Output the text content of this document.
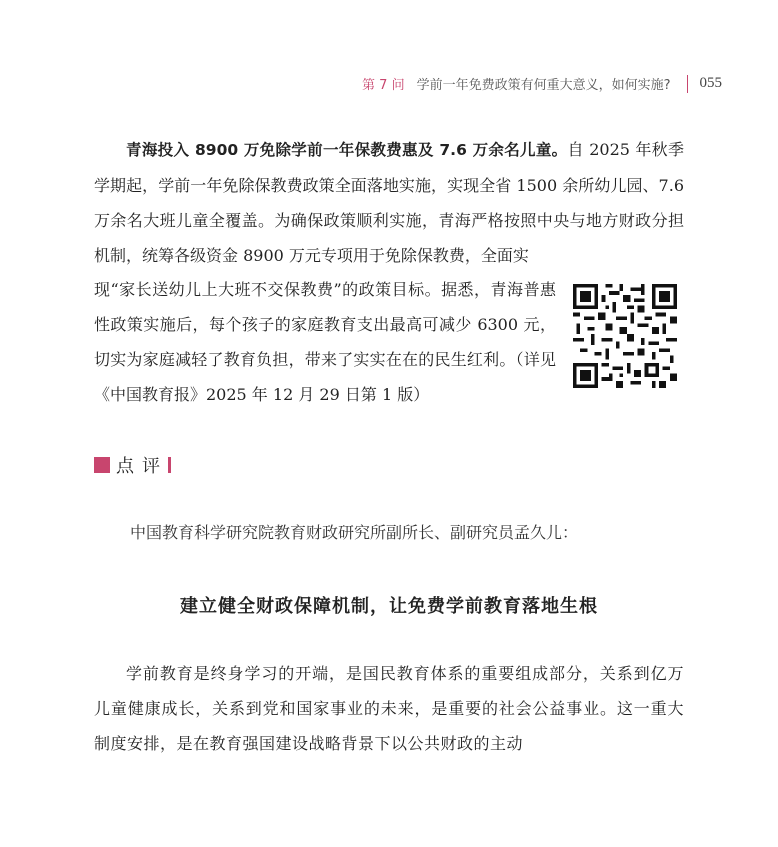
第 7 问 学前一年免费政策有何重大意义，如何实施? 055

青海投入 8900 万免除学前一年保教费惠及 7.6 万余名儿童。自 2025 年秋季学期起，学前一年免除保教费政策全面落地实施，实现全省 1500 余所幼儿园、7.6 万余名大班儿童全覆盖。为确保政策顺利实施，青海严格按照中央与地方财政分担机制，统筹各级资金 8900 万元专项用于免除保教费，全面实

现“家长送幼儿上大班不交保教费”的政策目标。据悉，青海普惠性政策实施后，每个孩子的家庭教育支出最高可减少 6300 元，切实为家庭减轻了教育负担，带来了实实在在的民生红利。（详见《中国教育报》2025 年 12 月 29 日第 1 版）

点评
中国教育科学研究院教育财政研究所副所长、副研究员孟久儿：
建立健全财政保障机制，让免费学前教育落地生根

学前教育是终身学习的开端，是国民教育体系的重要组成部分，关系到亿万儿童健康成长，关系到党和国家事业的未来，是重要的社会公益事业。这一重大制度安排，是在教育强国建设战略背景下以公共财政的主动
